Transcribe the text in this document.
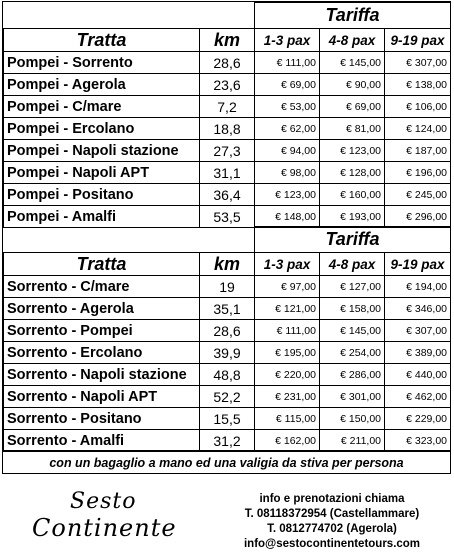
		Tariffa		
Tratta	km	1-3 pax	4-8 pax	9-19 pax
Pompei - Sorrento	28,6	€ 111,00	€ 145,00	€ 307,00
Pompei - Agerola	23,6	€ 69,00	€ 90,00	€ 138,00
Pompei - C/mare	7,2	€ 53,00	€ 69,00	€ 106,00
Pompei - Ercolano	18,8	€ 62,00	€ 81,00	€ 124,00
Pompei - Napoli stazione	27,3	€ 94,00	€ 123,00	€ 187,00
Pompei - Napoli APT	31,1	€ 98,00	€ 128,00	€ 196,00
Pompei - Positano	36,4	€ 123,00	€ 160,00	€ 245,00
Pompei - Amalfi	53,5	€ 148,00	€ 193,00	€ 296,00
		Tariffa		
Tratta	km	1-3 pax	4-8 pax	9-19 pax
Sorrento - C/mare	19	€ 97,00	€ 127,00	€ 194,00
Sorrento - Agerola	35,1	€ 121,00	€ 158,00	€ 346,00
Sorrento - Pompei	28,6	€ 111,00	€ 145,00	€ 307,00
Sorrento - Ercolano	39,9	€ 195,00	€ 254,00	€ 389,00
Sorrento - Napoli stazione	48,8	€ 220,00	€ 286,00	€ 440,00
Sorrento - Napoli APT	52,2	€ 231,00	€ 301,00	€ 462,00
Sorrento - Positano	15,5	€ 115,00	€ 150,00	€ 229,00
Sorrento - Amalfi	31,2	€ 162,00	€ 211,00	€ 323,00
con un bagaglio a mano ed una valigia da stiva per persona
Sesto
Continente
info e prenotazioni chiama
T. 08118372954 (Castellammare)
T. 0812774702 (Agerola)
info@sestocontinentetours.com
